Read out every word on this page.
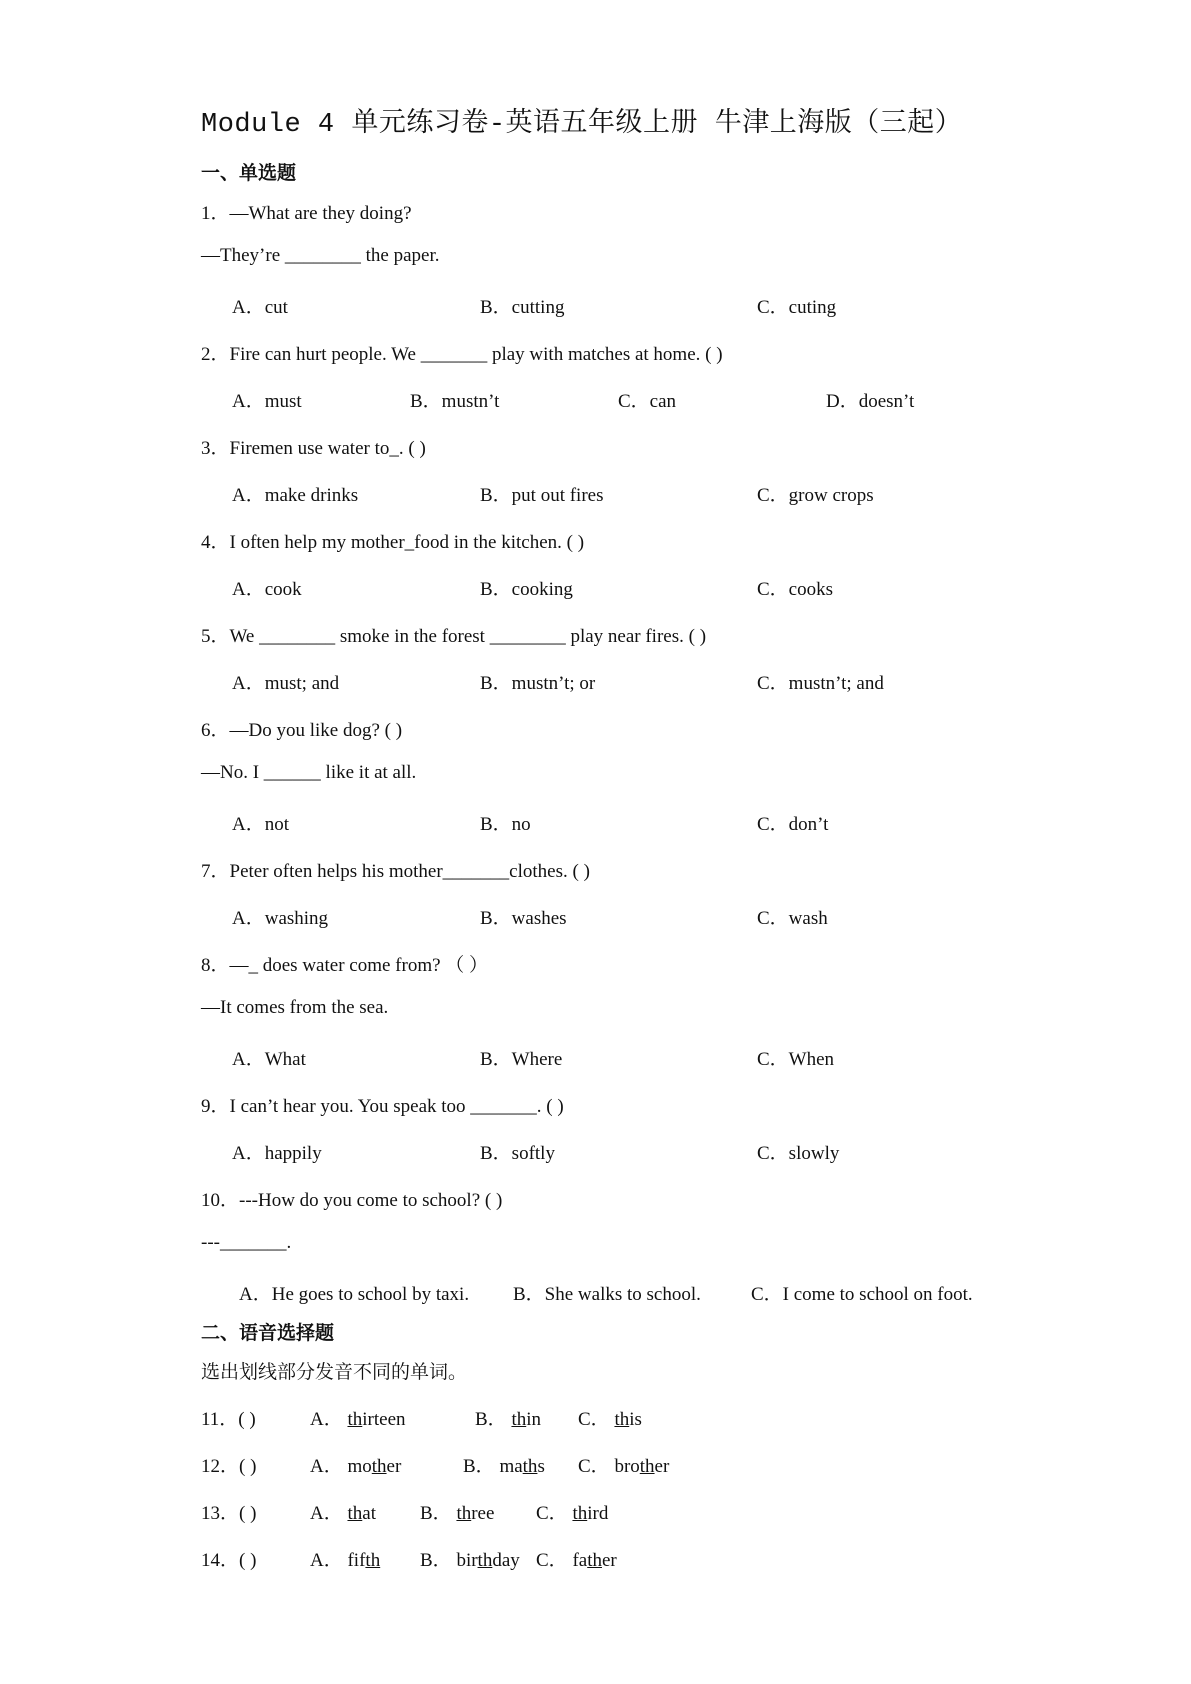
Module 4 单元练习卷-英语五年级上册 牛津上海版（三起）
一、单选题
1．—What are they doing?
—They’re ________ the paper.
A．cut	B．cutting	C．cuting
2．Fire can hurt people. We _______ play with matches at home. ( )
A．must	B．mustn’t	C．can	D．doesn’t
3．Firemen use water to_. ( )
A．make drinks	B．put out fires	C．grow crops
4．I often help my mother_food in the kitchen. ( )
A．cook	B．cooking	C．cooks
5．We ________ smoke in the forest ________ play near fires. ( )
A．must; and	B．mustn’t; or	C．mustn’t; and
6．—Do you like dog? ( )
—No. I ______ like it at all.
A．not	B．no	C．don’t
7．Peter often helps his mother_______clothes. ( )
A．washing	B．washes	C．wash
8．—_ does water come from? （ ）
—It comes from the sea.
A．What	B．Where	C．When
9．I can’t hear you. You speak too _______. ( )
A．happily	B．softly	C．slowly
10．---How do you come to school? ( )
---_______.
A．He goes to school by taxi. B．She walks to school.	C．I come to school on foot.
二、语音选择题
选出划线部分发音不同的单词。
11．( )	A． thirteen	B． thin C． this
12．( )	A． mother	B． maths C． brother
13．( )	A． that B． three C． third
14．( )	A． fifth B． birthday C． father
